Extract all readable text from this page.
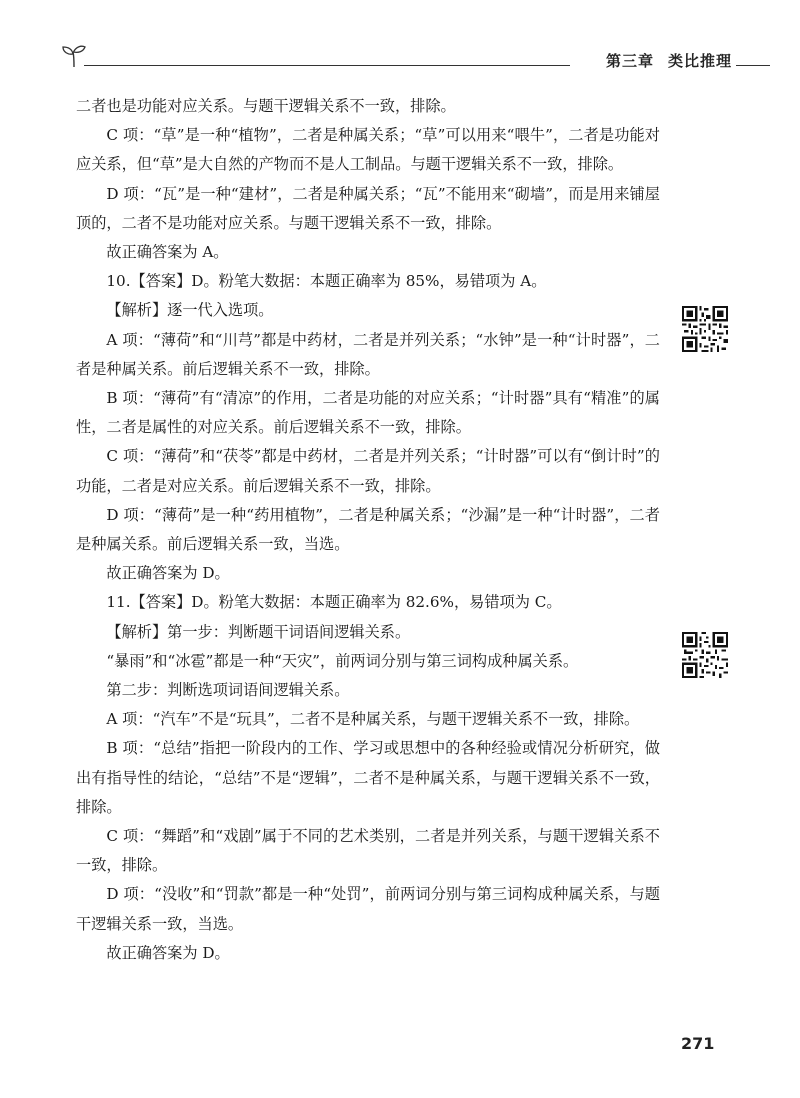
第三章 类比推理

二者也是功能对应关系。与题干逻辑关系不一致，排除。

C 项：“草”是一种“植物”，二者是种属关系；“草”可以用来“喂牛”，二者是功能对应关系，但“草”是大自然的产物而不是人工制品。与题干逻辑关系不一致，排除。

D 项：“瓦”是一种“建材”，二者是种属关系；“瓦”不能用来“砌墙”，而是用来铺屋顶的，二者不是功能对应关系。与题干逻辑关系不一致，排除。

故正确答案为 A。

10.【答案】D。粉笔大数据：本题正确率为 85%，易错项为 A。

【解析】逐一代入选项。

A 项：“薄荷”和“川芎”都是中药材，二者是并列关系；“水钟”是一种“计时器”，二者是种属关系。前后逻辑关系不一致，排除。

B 项：“薄荷”有“清凉”的作用，二者是功能的对应关系；“计时器”具有“精准”的属性，二者是属性的对应关系。前后逻辑关系不一致，排除。

C 项：“薄荷”和“茯苓”都是中药材，二者是并列关系；“计时器”可以有“倒计时”的功能，二者是对应关系。前后逻辑关系不一致，排除。

D 项：“薄荷”是一种“药用植物”，二者是种属关系；“沙漏”是一种“计时器”，二者是种属关系。前后逻辑关系一致，当选。

故正确答案为 D。

11.【答案】D。粉笔大数据：本题正确率为 82.6%，易错项为 C。

【解析】第一步：判断题干词语间逻辑关系。

“暴雨”和“冰雹”都是一种“天灾”，前两词分别与第三词构成种属关系。

第二步：判断选项词语间逻辑关系。

A 项：“汽车”不是“玩具”，二者不是种属关系，与题干逻辑关系不一致，排除。

B 项：“总结”指把一阶段内的工作、学习或思想中的各种经验或情况分析研究，做出有指导性的结论，“总结”不是“逻辑”，二者不是种属关系，与题干逻辑关系不一致，排除。

C 项：“舞蹈”和“戏剧”属于不同的艺术类别，二者是并列关系，与题干逻辑关系不一致，排除。

D 项：“没收”和“罚款”都是一种“处罚”，前两词分别与第三词构成种属关系，与题干逻辑关系一致，当选。

故正确答案为 D。

271
